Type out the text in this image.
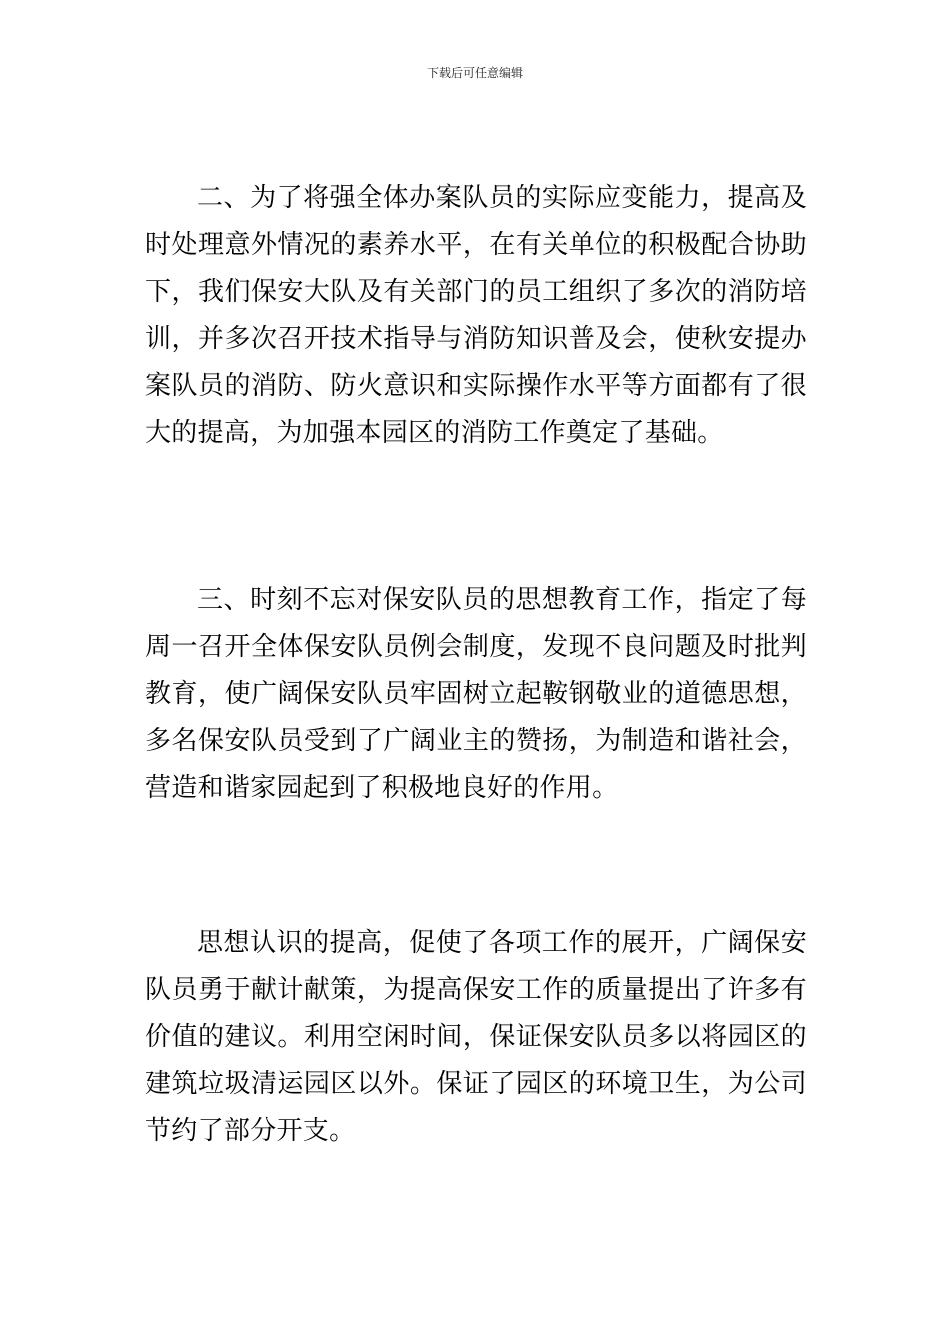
下载后可任意编辑

二、为了将强全体办案队员的实际应变能力，提高及时处理意外情况的素养水平，在有关单位的积极配合协助下，我们保安大队及有关部门的员工组织了多次的消防培训，并多次召开技术指导与消防知识普及会，使秋安提办案队员的消防、防火意识和实际操作水平等方面都有了很大的提高，为加强本园区的消防工作奠定了基础。

三、时刻不忘对保安队员的思想教育工作，指定了每周一召开全体保安队员例会制度，发现不良问题及时批判教育，使广阔保安队员牢固树立起鞍钢敬业的道德思想，多名保安队员受到了广阔业主的赞扬，为制造和谐社会，营造和谐家园起到了积极地良好的作用。

思想认识的提高，促使了各项工作的展开，广阔保安队员勇于献计献策，为提高保安工作的质量提出了许多有价值的建议。利用空闲时间，保证保安队员多以将园区的建筑垃圾清运园区以外。保证了园区的环境卫生，为公司节约了部分开支。
